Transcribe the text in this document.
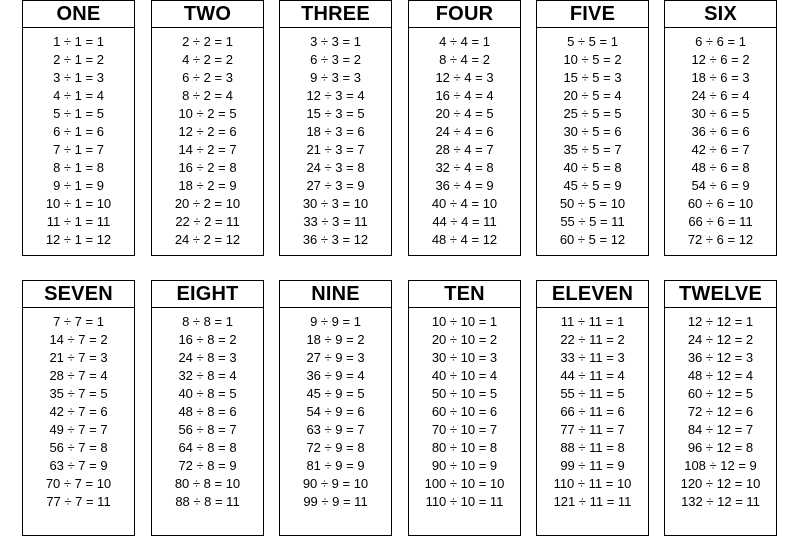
ONE
1 ÷ 1 = 1
2 ÷ 1 = 2
3 ÷ 1 = 3
4 ÷ 1 = 4
5 ÷ 1 = 5
6 ÷ 1 = 6
7 ÷ 1 = 7
8 ÷ 1 = 8
9 ÷ 1 = 9
10 ÷ 1 = 10
11 ÷ 1 = 11
12 ÷ 1 = 12
TWO
2 ÷ 2 = 1
4 ÷ 2 = 2
6 ÷ 2 = 3
8 ÷ 2 = 4
10 ÷ 2 = 5
12 ÷ 2 = 6
14 ÷ 2 = 7
16 ÷ 2 = 8
18 ÷ 2 = 9
20 ÷ 2 = 10
22 ÷ 2 = 11
24 ÷ 2 = 12
THREE
3 ÷ 3 = 1
6 ÷ 3 = 2
9 ÷ 3 = 3
12 ÷ 3 = 4
15 ÷ 3 = 5
18 ÷ 3 = 6
21 ÷ 3 = 7
24 ÷ 3 = 8
27 ÷ 3 = 9
30 ÷ 3 = 10
33 ÷ 3 = 11
36 ÷ 3 = 12
FOUR
4 ÷ 4 = 1
8 ÷ 4 = 2
12 ÷ 4 = 3
16 ÷ 4 = 4
20 ÷ 4 = 5
24 ÷ 4 = 6
28 ÷ 4 = 7
32 ÷ 4 = 8
36 ÷ 4 = 9
40 ÷ 4 = 10
44 ÷ 4 = 11
48 ÷ 4 = 12
FIVE
5 ÷ 5 = 1
10 ÷ 5 = 2
15 ÷ 5 = 3
20 ÷ 5 = 4
25 ÷ 5 = 5
30 ÷ 5 = 6
35 ÷ 5 = 7
40 ÷ 5 = 8
45 ÷ 5 = 9
50 ÷ 5 = 10
55 ÷ 5 = 11
60 ÷ 5 = 12
SIX
6 ÷ 6 = 1
12 ÷ 6 = 2
18 ÷ 6 = 3
24 ÷ 6 = 4
30 ÷ 6 = 5
36 ÷ 6 = 6
42 ÷ 6 = 7
48 ÷ 6 = 8
54 ÷ 6 = 9
60 ÷ 6 = 10
66 ÷ 6 = 11
72 ÷ 6 = 12
SEVEN
7 ÷ 7 = 1
14 ÷ 7 = 2
21 ÷ 7 = 3
28 ÷ 7 = 4
35 ÷ 7 = 5
42 ÷ 7 = 6
49 ÷ 7 = 7
56 ÷ 7 = 8
63 ÷ 7 = 9
70 ÷ 7 = 10
77 ÷ 7 = 11
EIGHT
8 ÷ 8 = 1
16 ÷ 8 = 2
24 ÷ 8 = 3
32 ÷ 8 = 4
40 ÷ 8 = 5
48 ÷ 8 = 6
56 ÷ 8 = 7
64 ÷ 8 = 8
72 ÷ 8 = 9
80 ÷ 8 = 10
88 ÷ 8 = 11
NINE
9 ÷ 9 = 1
18 ÷ 9 = 2
27 ÷ 9 = 3
36 ÷ 9 = 4
45 ÷ 9 = 5
54 ÷ 9 = 6
63 ÷ 9 = 7
72 ÷ 9 = 8
81 ÷ 9 = 9
90 ÷ 9 = 10
99 ÷ 9 = 11
TEN
10 ÷ 10 = 1
20 ÷ 10 = 2
30 ÷ 10 = 3
40 ÷ 10 = 4
50 ÷ 10 = 5
60 ÷ 10 = 6
70 ÷ 10 = 7
80 ÷ 10 = 8
90 ÷ 10 = 9
100 ÷ 10 = 10
110 ÷ 10 = 11
ELEVEN
11 ÷ 11 = 1
22 ÷ 11 = 2
33 ÷ 11 = 3
44 ÷ 11 = 4
55 ÷ 11 = 5
66 ÷ 11 = 6
77 ÷ 11 = 7
88 ÷ 11 = 8
99 ÷ 11 = 9
110 ÷ 11 = 10
121 ÷ 11 = 11
TWELVE
12 ÷ 12 = 1
24 ÷ 12 = 2
36 ÷ 12 = 3
48 ÷ 12 = 4
60 ÷ 12 = 5
72 ÷ 12 = 6
84 ÷ 12 = 7
96 ÷ 12 = 8
108 ÷ 12 = 9
120 ÷ 12 = 10
132 ÷ 12 = 11
